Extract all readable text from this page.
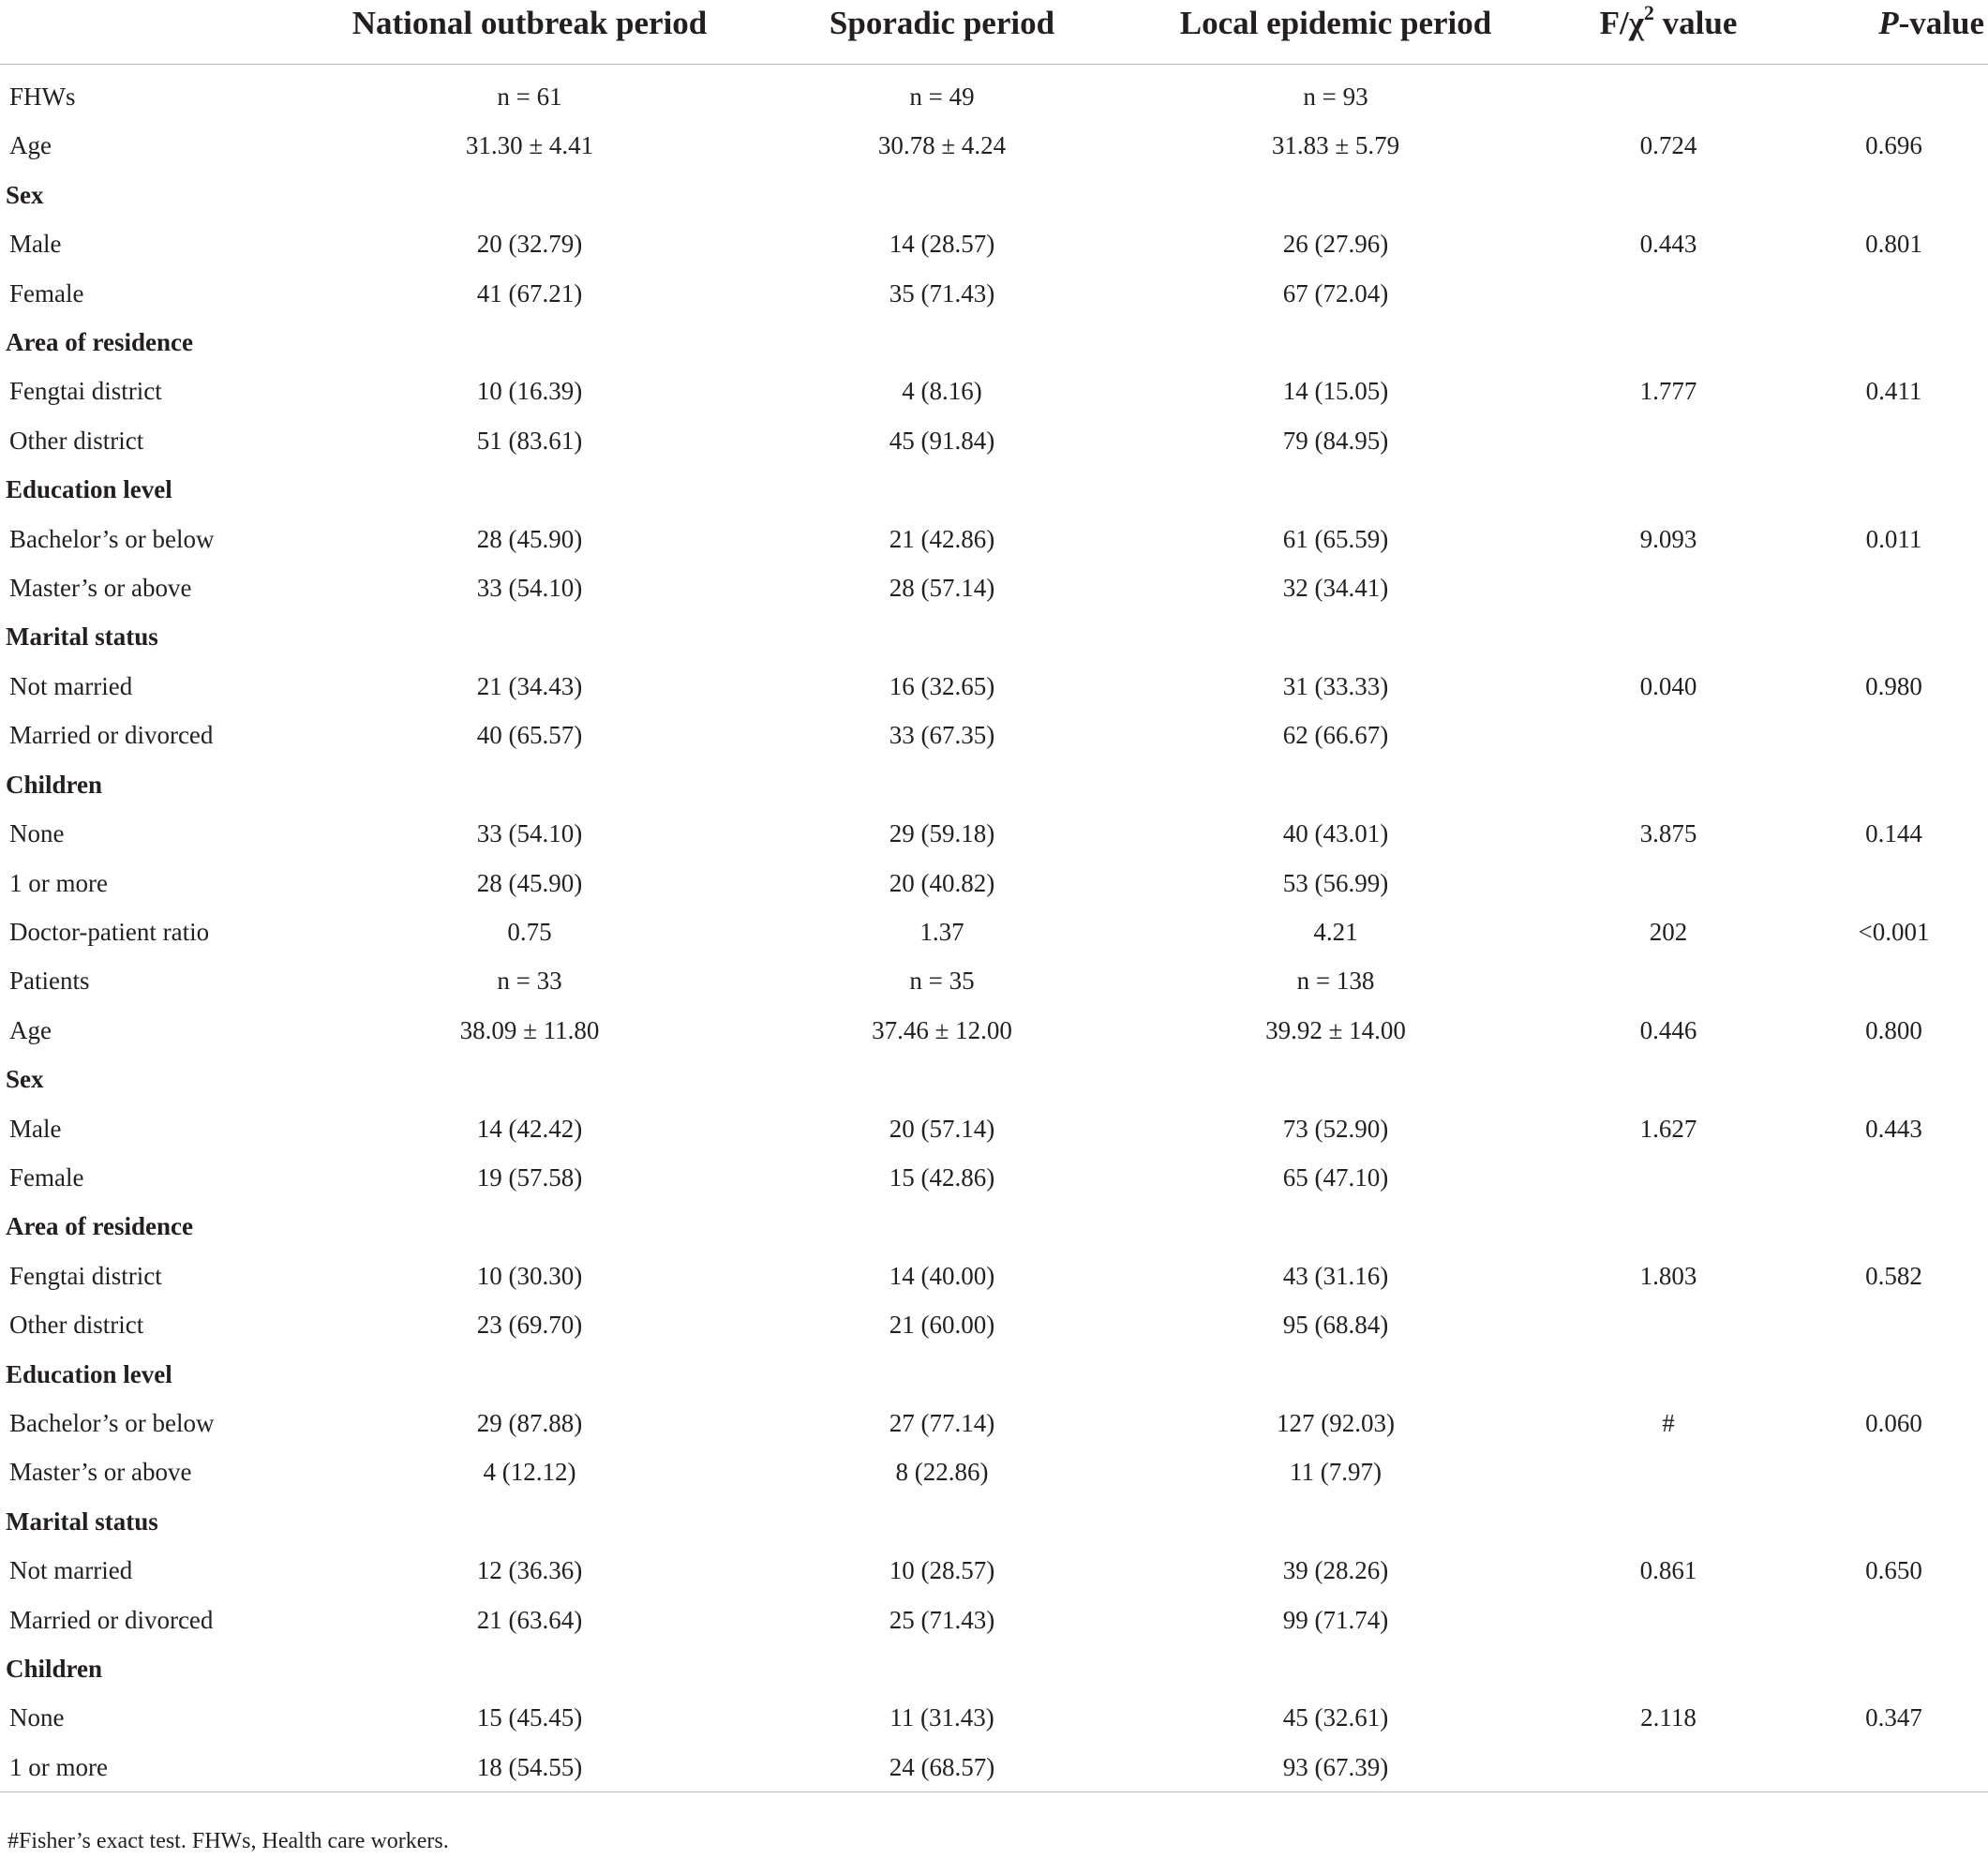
	National outbreak period	Sporadic period	Local epidemic period	$F/\chi^2$ value	P-value
FHWs	n = 61	n = 49	n = 93		
Age	31.30 ± 4.41	30.78 ± 4.24	31.83 ± 5.79	0.724	0.696
Sex					
Male	20 (32.79)	14 (28.57)	26 (27.96)	0.443	0.801
Female	41 (67.21)	35 (71.43)	67 (72.04)		
Area of residence					
Fengtai district	10 (16.39)	4 (8.16)	14 (15.05)	1.777	0.411
Other district	51 (83.61)	45 (91.84)	79 (84.95)		
Education level					
Bachelor’s or below	28 (45.90)	21 (42.86)	61 (65.59)	9.093	0.011
Master’s or above	33 (54.10)	28 (57.14)	32 (34.41)		
Marital status					
Not married	21 (34.43)	16 (32.65)	31 (33.33)	0.040	0.980
Married or divorced	40 (65.57)	33 (67.35)	62 (66.67)		
Children					
None	33 (54.10)	29 (59.18)	40 (43.01)	3.875	0.144
1 or more	28 (45.90)	20 (40.82)	53 (56.99)		
Doctor-patient ratio	0.75	1.37	4.21	202	<0.001
Patients	n = 33	n = 35	n = 138		
Age	38.09 ± 11.80	37.46 ± 12.00	39.92 ± 14.00	0.446	0.800
Sex					
Male	14 (42.42)	20 (57.14)	73 (52.90)	1.627	0.443
Female	19 (57.58)	15 (42.86)	65 (47.10)		
Area of residence					
Fengtai district	10 (30.30)	14 (40.00)	43 (31.16)	1.803	0.582
Other district	23 (69.70)	21 (60.00)	95 (68.84)		
Education level					
Bachelor’s or below	29 (87.88)	27 (77.14)	127 (92.03)	#	0.060
Master’s or above	4 (12.12)	8 (22.86)	11 (7.97)		
Marital status					
Not married	12 (36.36)	10 (28.57)	39 (28.26)	0.861	0.650
Married or divorced	21 (63.64)	25 (71.43)	99 (71.74)		
Children					
None	15 (45.45)	11 (31.43)	45 (32.61)	2.118	0.347
1 or more	18 (54.55)	24 (68.57)	93 (67.39)		
#Fisher’s exact test. FHWs, Health care workers.
